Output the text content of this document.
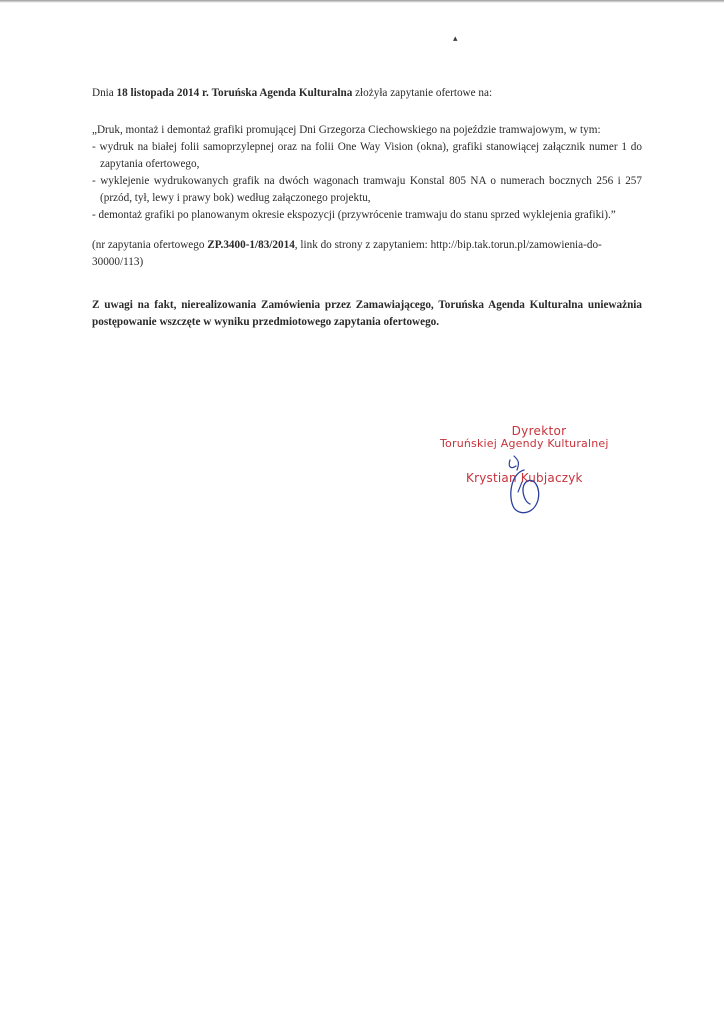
▴

Dnia 18 listopada 2014 r. Toruńska Agenda Kulturalna złożyła zapytanie ofertowe na:

„Druk, montaż i demontaż grafiki promującej Dni Grzegorza Ciechowskiego na pojeździe tramwajowym, w tym:

- wydruk na białej folii samoprzylepnej oraz na folii One Way Vision (okna), grafiki stanowiącej załącznik numer 1 do zapytania ofertowego,

- wyklejenie wydrukowanych grafik na dwóch wagonach tramwaju Konstal 805 NA o numerach bocznych 256 i 257 (przód, tył, lewy i prawy bok) według załączonego projektu,

- demontaż grafiki po planowanym okresie ekspozycji (przywrócenie tramwaju do stanu sprzed wyklejenia grafiki).”

(nr zapytania ofertowego ZP.3400-1/83/2014, link do strony z zapytaniem: http://bip.tak.torun.pl/zamowienia-do-30000/113)

Z uwagi na fakt, nierealizowania Zamówienia przez Zamawiającego, Toruńska Agenda Kulturalna unieważnia postępowanie wszczęte w wyniku przedmiotowego zapytania ofertowego.

Dyrektor
Toruńskiej Agendy Kulturalnej
Krystian Kubjaczyk
